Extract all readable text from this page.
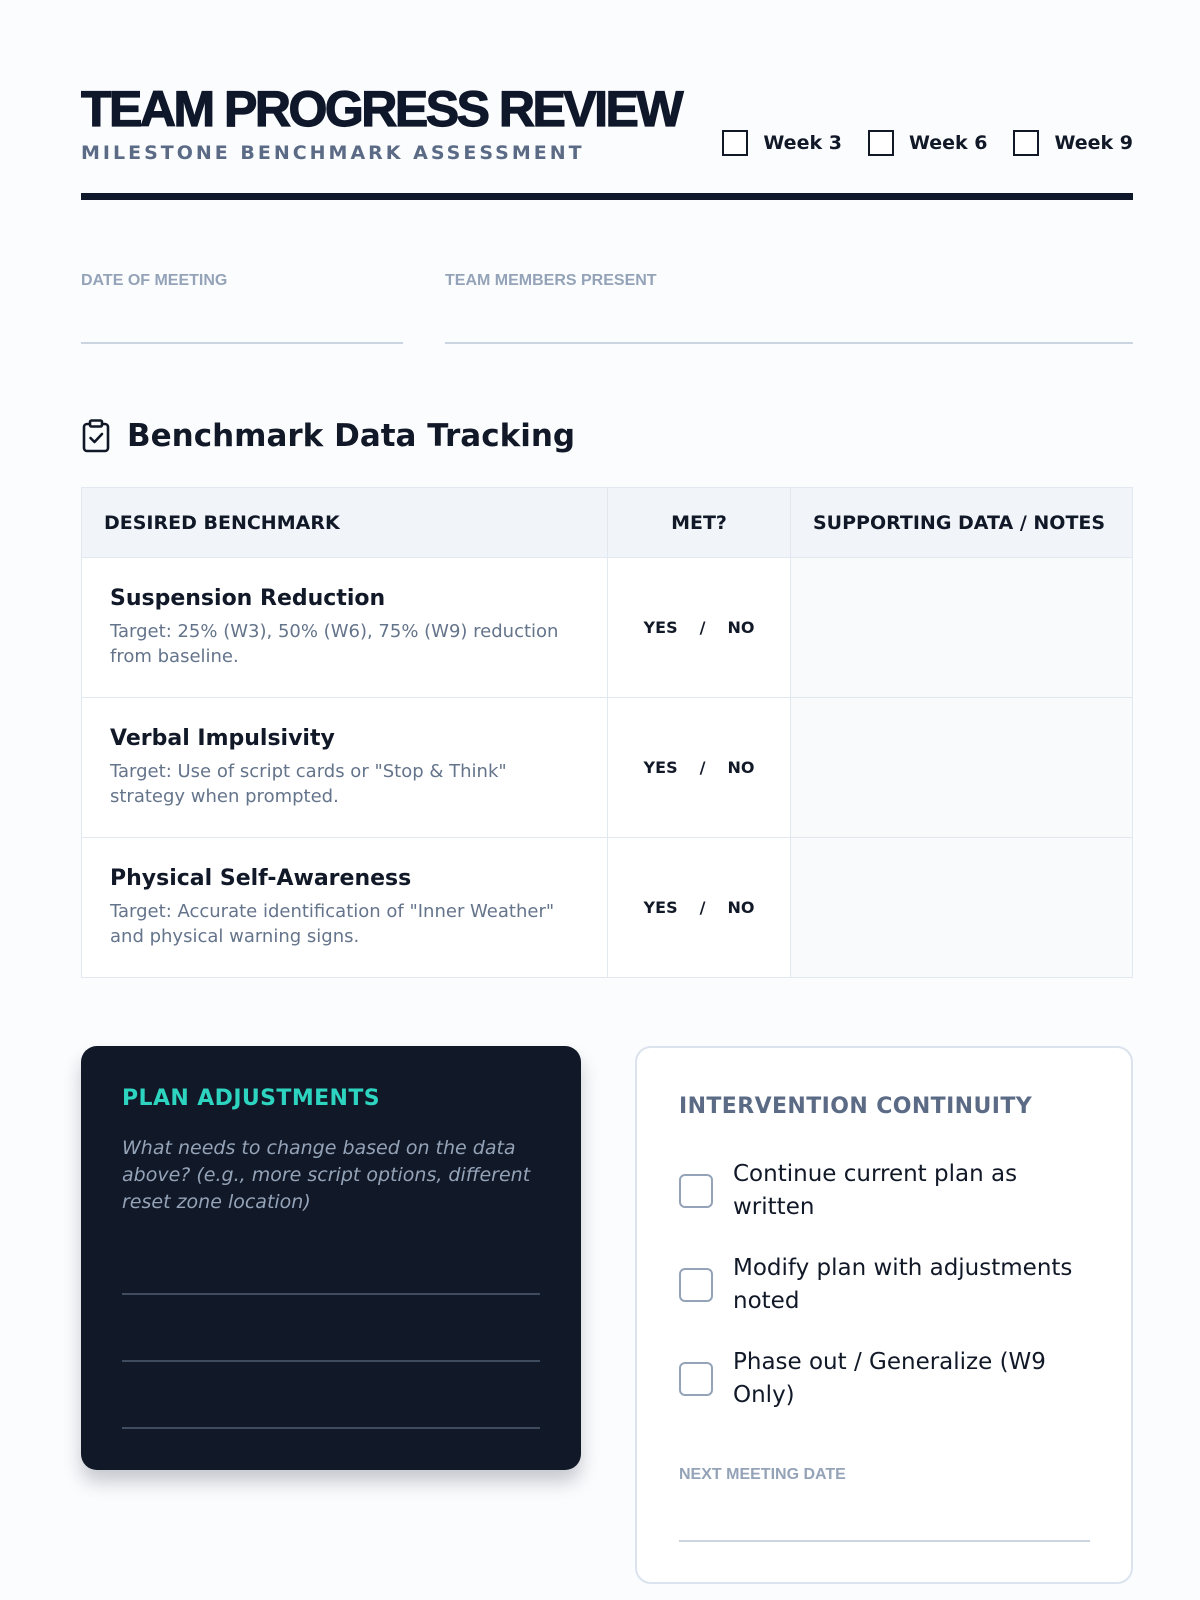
TEAM PROGRESS REVIEW
MILESTONE BENCHMARK ASSESSMENT	Week 3	Week 6	Week 9
DATE OF MEETING	TEAM MEMBERS PRESENT
Benchmark Data Tracking
DESIRED BENCHMARK	MET?	SUPPORTING DATA / NOTES

Suspension Reduction
Target: 25% (W3), 50% (W6), 75% (W9) reduction from baseline.	YES / NO	

Verbal Impulsivity
Target: Use of script cards or "Stop & Think" strategy when prompted.	YES / NO	

Physical Self-Awareness
Target: Accurate identification of "Inner Weather" and physical warning signs.	YES / NO	

PLAN ADJUSTMENTS
What needs to change based on the data above? (e.g., more script options, different reset zone location)
INTERVENTION CONTINUITY
Continue current plan as written
Modify plan with adjustments noted
Phase out / Generalize (W9 Only)
NEXT MEETING DATE
